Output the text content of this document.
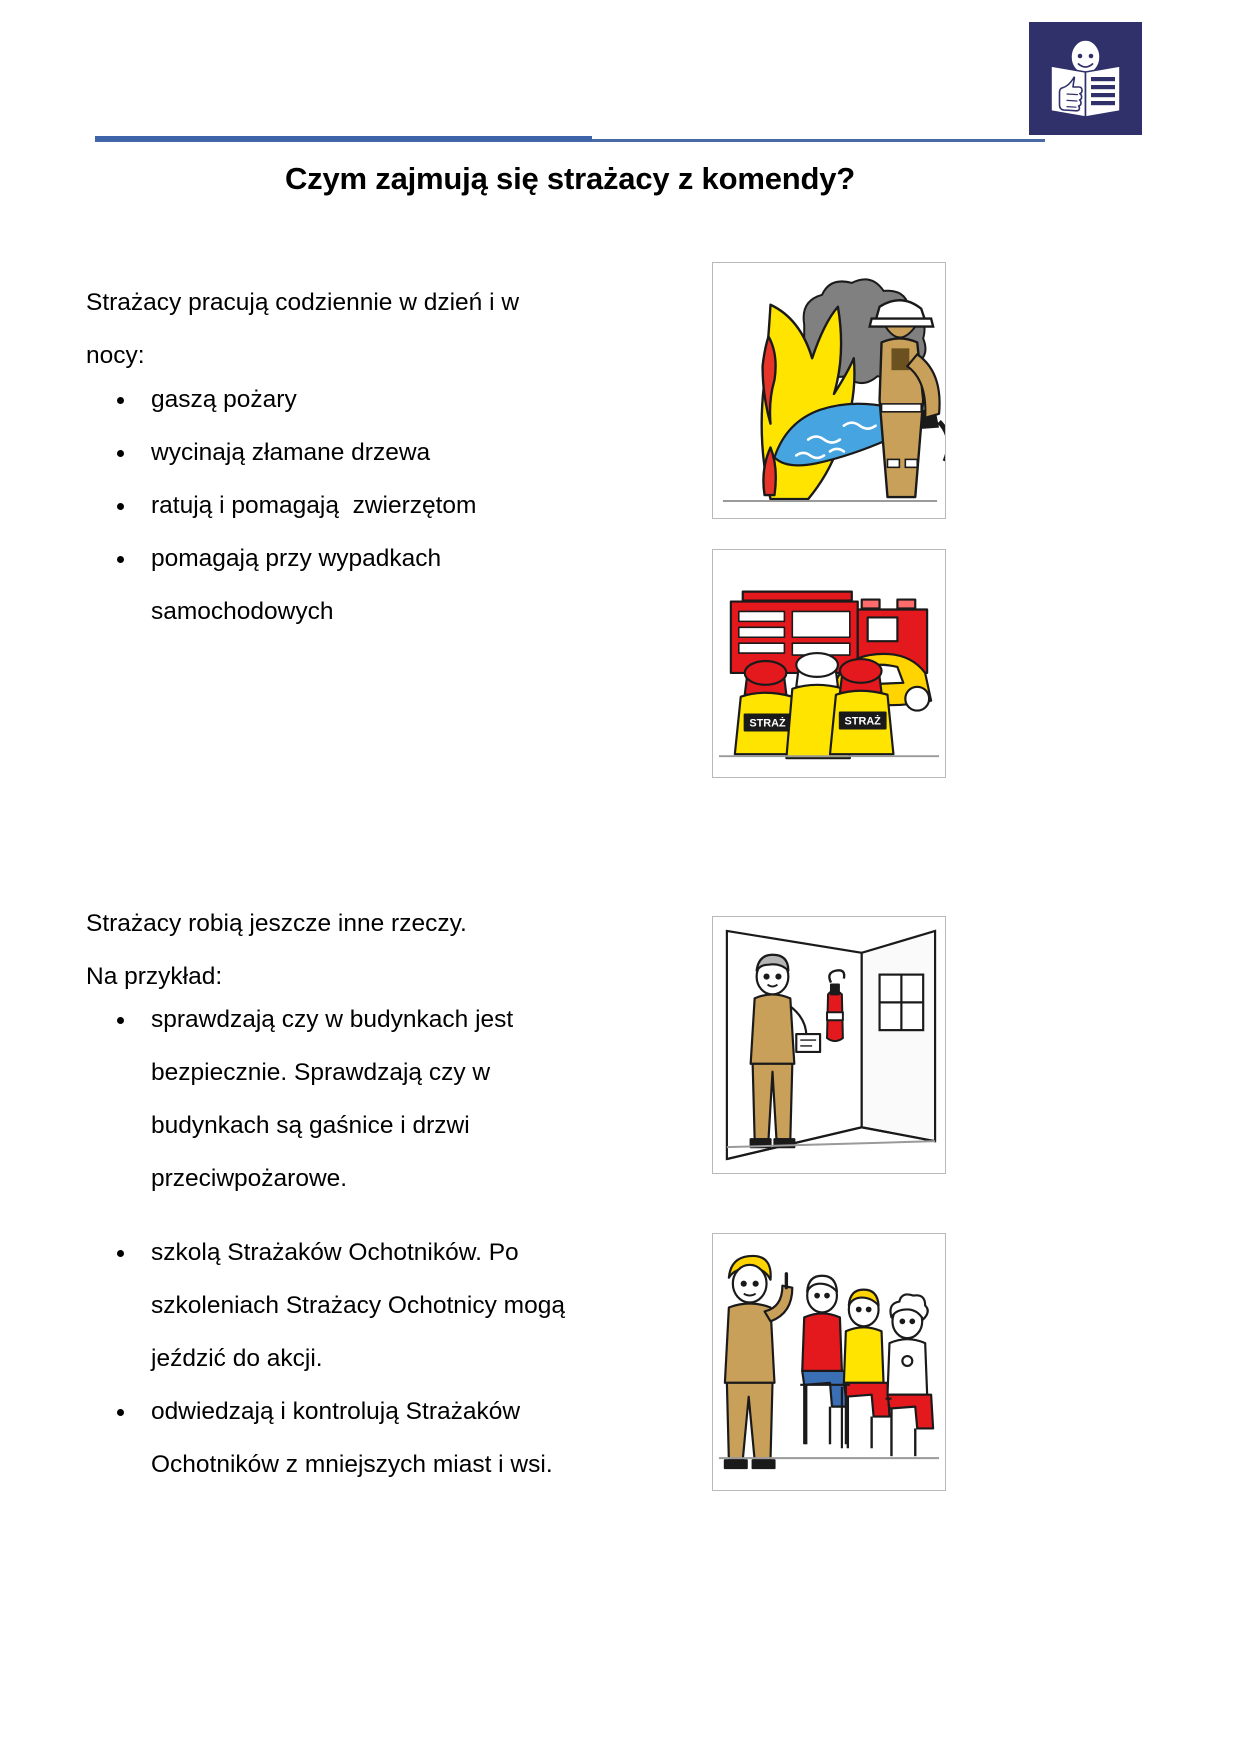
Czym zajmują się strażacy z komendy?
Strażacy pracują codziennie w dzień i w
nocy:
gaszą pożary
wycinają złamane drzewa
ratują i pomagają  zwierzętom
pomagają przy wypadkach
samochodowych
Strażacy robią jeszcze inne rzeczy.
Na przykład:
sprawdzają czy w budynkach jest
bezpiecznie. Sprawdzają czy w
budynkach są gaśnice i drzwi
przeciwpożarowe.
szkolą Strażaków Ochotników. Po
szkoleniach Strażacy Ochotnicy mogą
jeździć do akcji.
odwiedzają i kontrolują Strażaków
Ochotników z mniejszych miast i wsi.
STRAŻ	STRAŻ
